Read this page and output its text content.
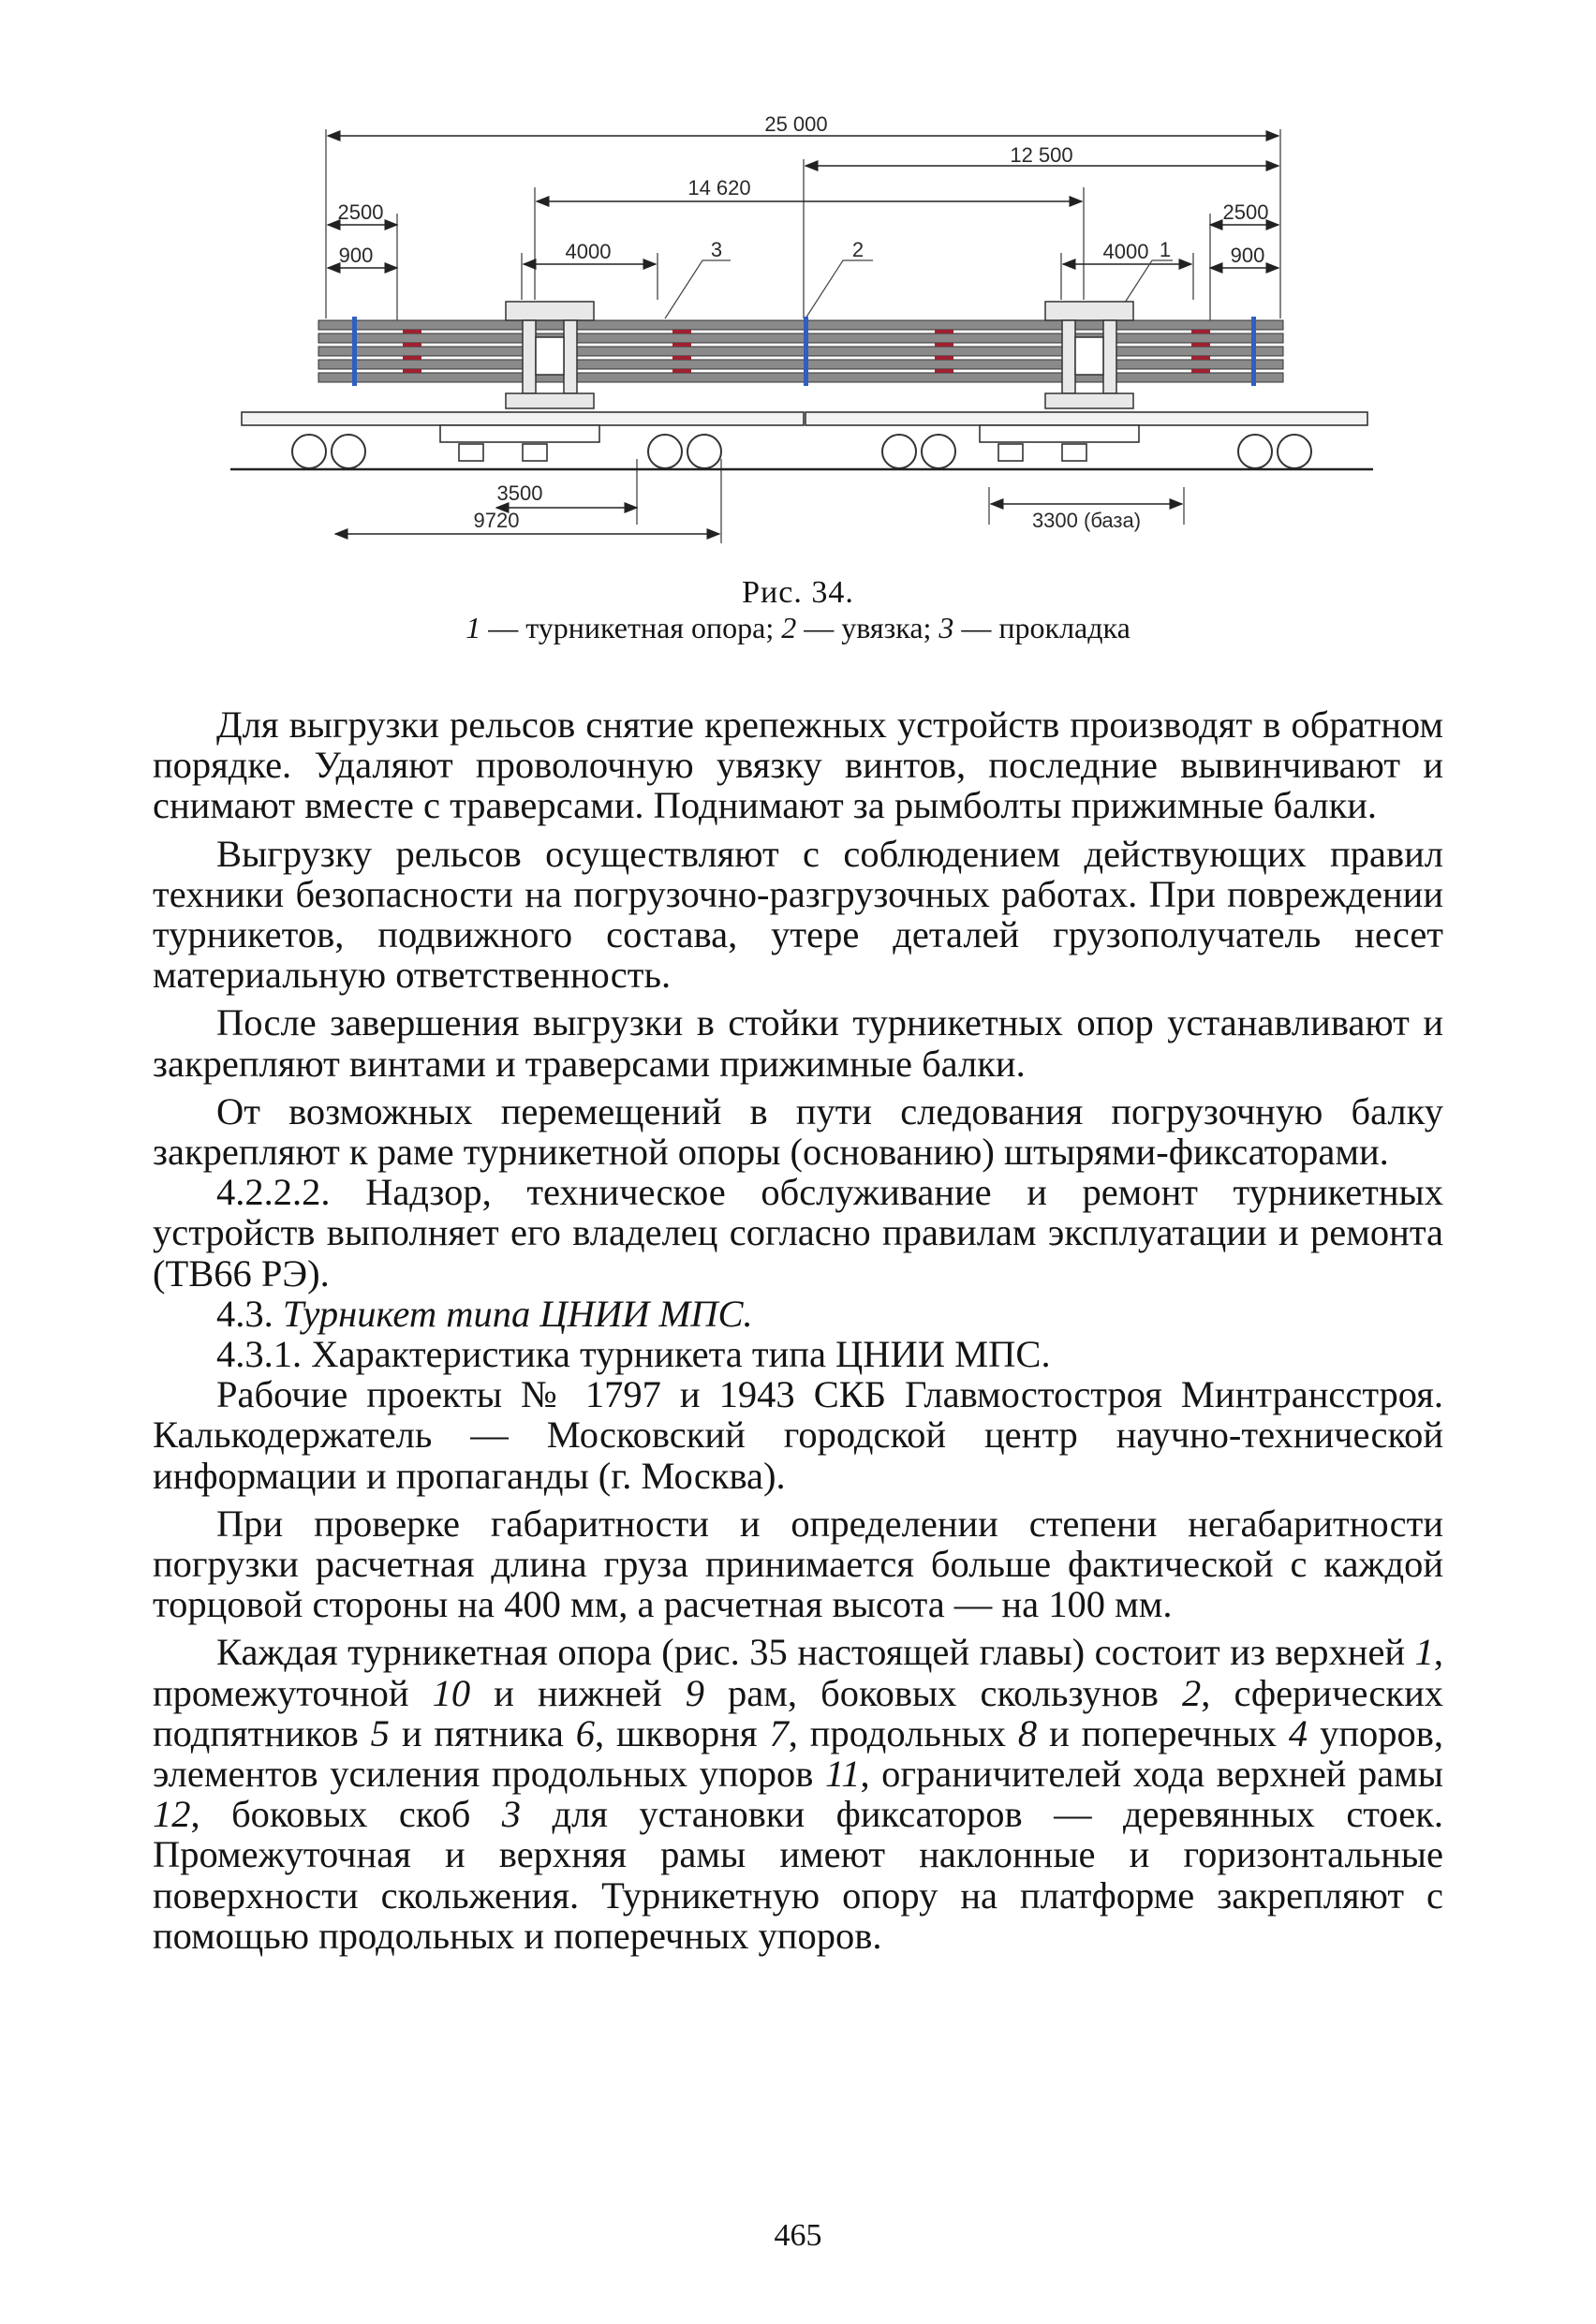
25 000
12 500
14 620
2500	2500
900	900
4000	4000
3500
9720	3300 (база)
3	2	1
Рис. 34.
1 — турникетная опора; 2 — увязка; 3 — прокладка

Для выгрузки рельсов снятие крепежных устройств производят в обратном порядке. Удаляют проволочную увязку винтов, последние вывинчивают и снимают вместе с траверсами. Поднимают за рымболты прижимные балки.

Выгрузку рельсов осуществляют с соблюдением действующих правил техники безопасности на погрузочно-разгрузочных работах. При повреждении турникетов, подвижного состава, утере деталей грузополучатель несет материальную ответственность.

После завершения выгрузки в стойки турникетных опор устанавливают и закрепляют винтами и траверсами прижимные балки.

От возможных перемещений в пути следования погрузочную балку закрепляют к раме турникетной опоры (основанию) штырями-фиксаторами.

4.2.2.2. Надзор, техническое обслуживание и ремонт турникетных устройств выполняет его владелец согласно правилам эксплуатации и ремонта (ТВ66 РЭ).

4.3. Турникет типа ЦНИИ МПС.

4.3.1. Характеристика турникета типа ЦНИИ МПС.

Рабочие проекты № 1797 и 1943 СКБ Главмостостроя Минтрансстроя. Калькодержатель — Московский городской центр научно-технической информации и пропаганды (г. Москва).

При проверке габаритности и определении степени негабаритности погрузки расчетная длина груза принимается больше фактической с каждой торцовой стороны на 400 мм, а расчетная высота — на 100 мм.

Каждая турникетная опора (рис. 35 настоящей главы) состоит из верхней 1, промежуточной 10 и нижней 9 рам, боковых скользунов 2, сферических подпятников 5 и пятника 6, шкворня 7, продольных 8 и поперечных 4 упоров, элементов усиления продольных упоров 11, ограничителей хода верхней рамы 12, боковых скоб 3 для установки фиксаторов — деревянных стоек. Промежуточная и верхняя рамы имеют наклонные и горизонтальные поверхности скольжения. Турникетную опору на платформе закрепляют с помощью продольных и поперечных упоров.

465
